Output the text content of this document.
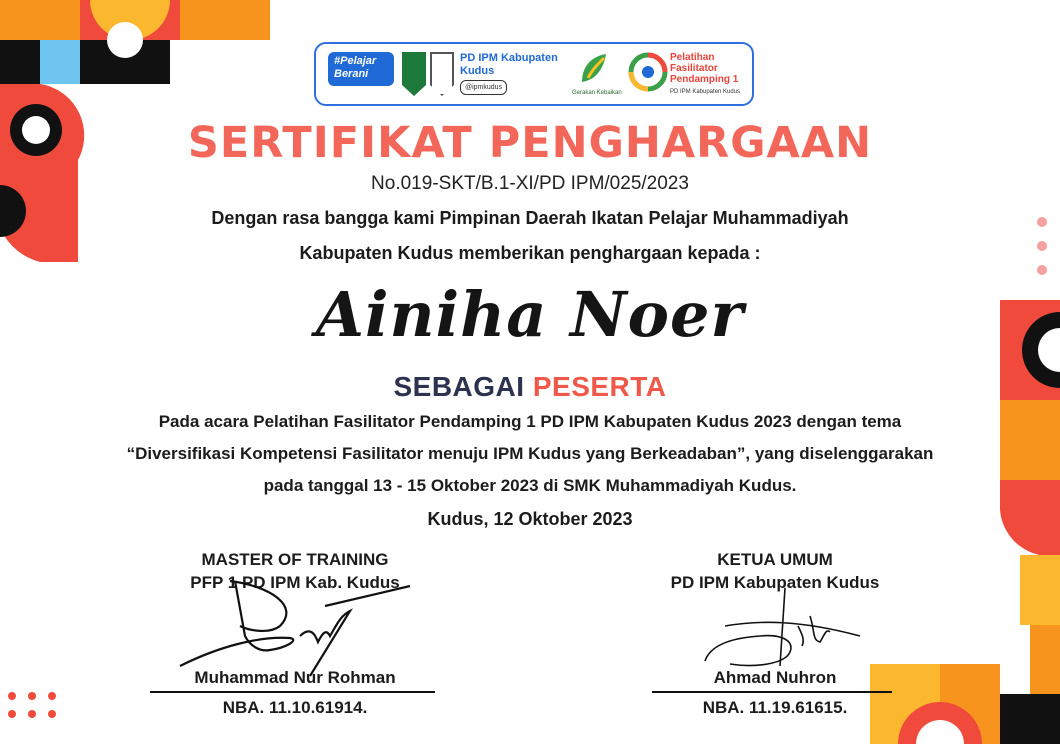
#Pelajar Berani
PD IPM Kabupaten Kudus
@ipmkudus
Gerakan Kebaikan
Pelatihan Fasilitator Pendamping 1
PD IPM Kabupaten Kudus
SERTIFIKAT PENGHARGAAN
No.019-SKT/B.1-XI/PD IPM/025/2023
Dengan rasa bangga kami Pimpinan Daerah Ikatan Pelajar Muhammadiyah
Kabupaten Kudus memberikan penghargaan kepada :
Ainiha Noer
SEBAGAI PESERTA
Pada acara Pelatihan Fasilitator Pendamping 1 PD IPM Kabupaten Kudus 2023 dengan tema
“Diversifikasi Kompetensi Fasilitator menuju IPM Kudus yang Berkeadaban”, yang diselenggarakan
pada tanggal 13 - 15 Oktober 2023 di SMK Muhammadiyah Kudus.
Kudus, 12 Oktober 2023
MASTER OF TRAINING
PFP 1 PD IPM Kab. Kudus
Muhammad Nur Rohman
NBA. 11.10.61914.
KETUA UMUM
PD IPM Kabupaten Kudus
Ahmad Nuhron
NBA. 11.19.61615.
